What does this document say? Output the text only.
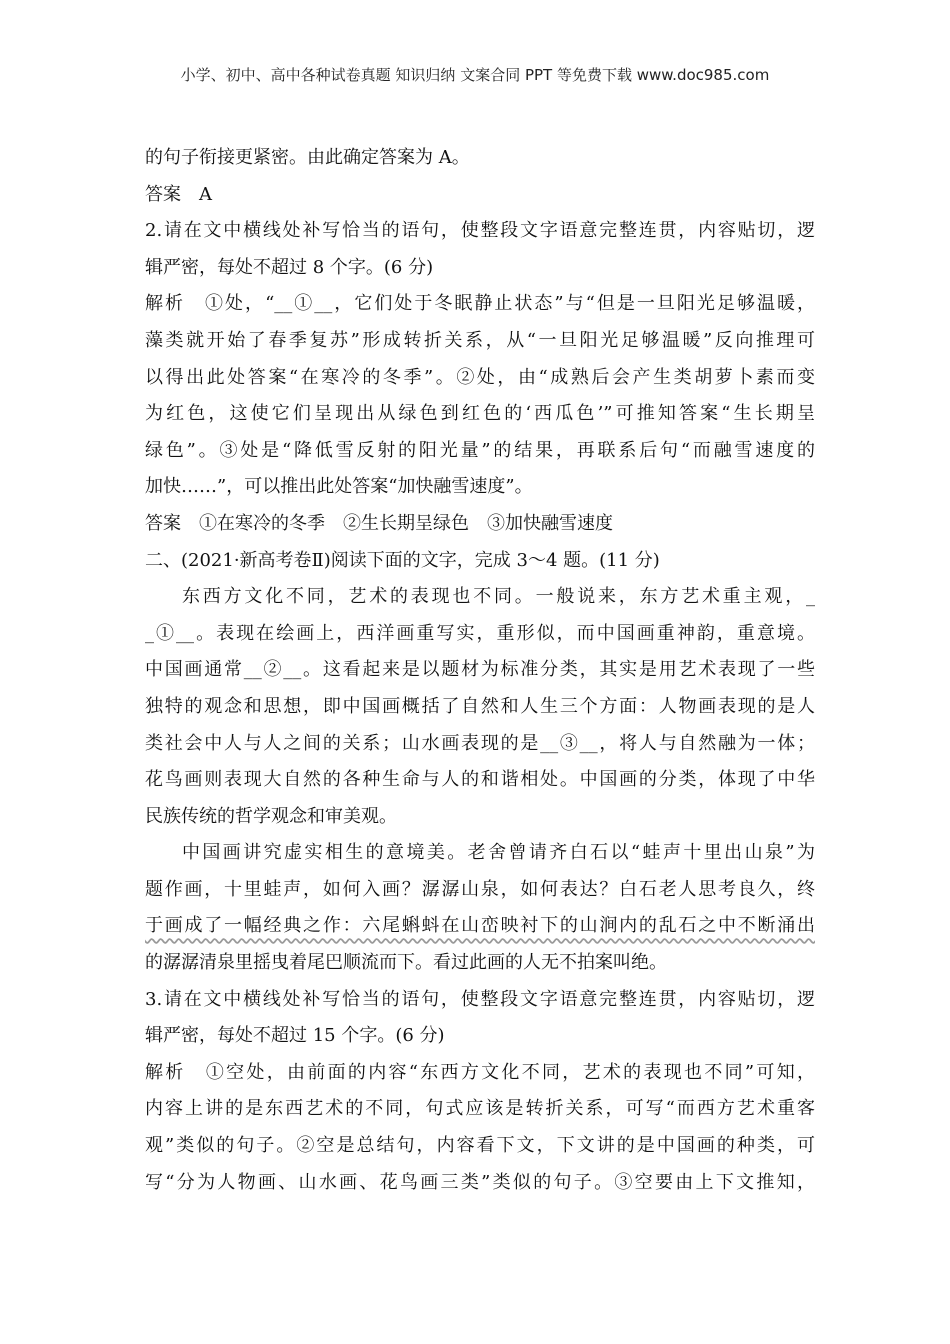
小学、初中、高中各种试卷真题 知识归纳 文案合同 PPT 等免费下载 www.doc985.com
的句子衔接更紧密。由此确定答案为 A。
答案　A
2.请在文中横线处补写恰当的语句，使整段文字语意完整连贯，内容贴切，逻
辑严密，每处不超过 8 个字。(6 分)
解析　①处，“__①__，它们处于冬眠静止状态”与“但是一旦阳光足够温暖，
藻类就开始了春季复苏”形成转折关系，从“一旦阳光足够温暖”反向推理可
以得出此处答案“在寒冷的冬季”。②处，由“成熟后会产生类胡萝卜素而变
为红色，这使它们呈现出从绿色到红色的‘西瓜色’”可推知答案“生长期呈
绿色”。③处是“降低雪反射的阳光量”的结果，再联系后句“而融雪速度的
加快……”，可以推出此处答案“加快融雪速度”。
答案　①在寒冷的冬季　②生长期呈绿色　③加快融雪速度
二、(2021·新高考卷Ⅱ)阅读下面的文字，完成 3～4 题。(11 分)
东西方文化不同，艺术的表现也不同。一般说来，东方艺术重主观，_
_①__。表现在绘画上，西洋画重写实，重形似，而中国画重神韵，重意境。
中国画通常__②__。这看起来是以题材为标准分类，其实是用艺术表现了一些
独特的观念和思想，即中国画概括了自然和人生三个方面：人物画表现的是人
类社会中人与人之间的关系；山水画表现的是__③__，将人与自然融为一体；
花鸟画则表现大自然的各种生命与人的和谐相处。中国画的分类，体现了中华
民族传统的哲学观念和审美观。
中国画讲究虚实相生的意境美。老舍曾请齐白石以“蛙声十里出山泉”为
题作画，十里蛙声，如何入画？潺潺山泉，如何表达？白石老人思考良久，终
于画成了一幅经典之作：六尾蝌蚪在山峦映衬下的山涧内的乱石之中不断涌出
的潺潺清泉里摇曳着尾巴顺流而下。看过此画的人无不拍案叫绝。
3.请在文中横线处补写恰当的语句，使整段文字语意完整连贯，内容贴切，逻
辑严密，每处不超过 15 个字。(6 分)
解析　①空处，由前面的内容“东西方文化不同，艺术的表现也不同”可知，
内容上讲的是东西艺术的不同，句式应该是转折关系，可写“而西方艺术重客
观”类似的句子。②空是总结句，内容看下文，下文讲的是中国画的种类，可
写“分为人物画、山水画、花鸟画三类”类似的句子。③空要由上下文推知，
